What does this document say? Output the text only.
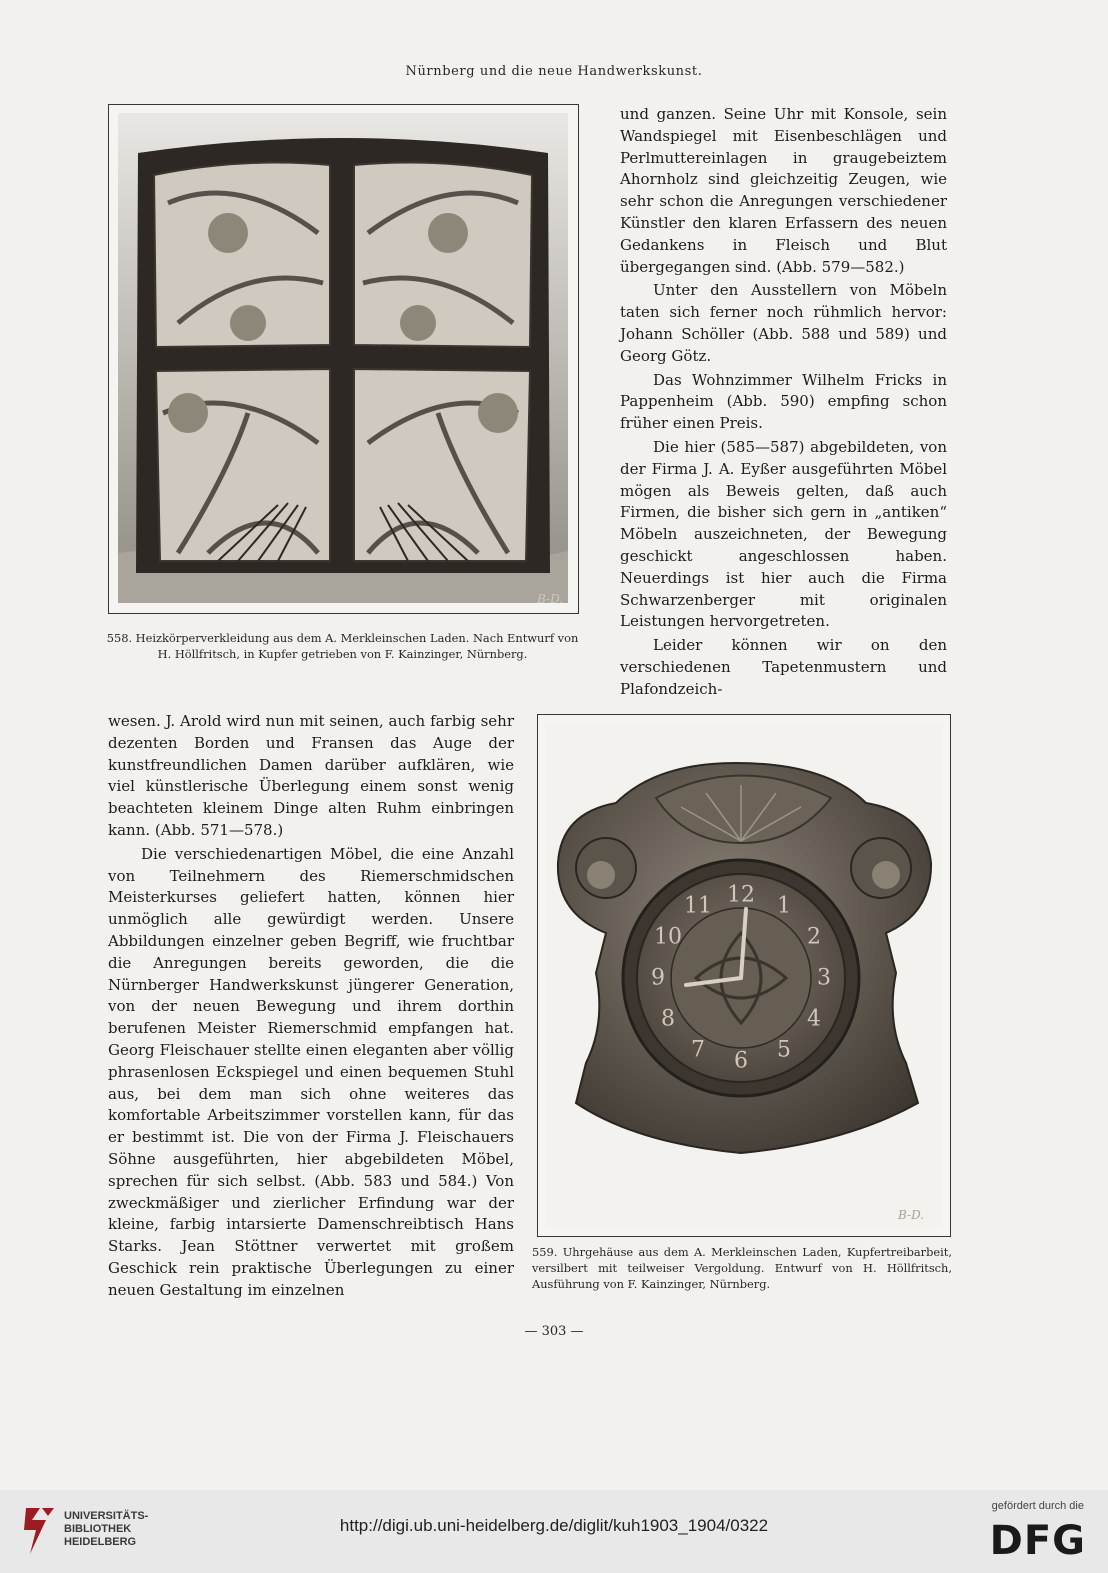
Nürnberg und die neue Handwerkskunst.
B-D.
558. Heizkörperverkleidung aus dem A. Merkleinschen Laden. Nach Entwurf von H. Höllfritsch, in Kupfer getrieben von F. Kainzinger, Nürnberg.

und ganzen. Seine Uhr mit Konsole, sein Wandspiegel mit Eisenbeschlägen und Perlmuttereinlagen in graugebeiztem Ahornholz sind gleichzeitig Zeugen, wie sehr schon die Anregungen verschiedener Künstler den klaren Erfassern des neuen Gedankens in Fleisch und Blut übergegangen sind. (Abb. 579—582.)

Unter den Ausstellern von Möbeln taten sich ferner noch rühmlich hervor: Johann Schöller (Abb. 588 und 589) und Georg Götz.

Das Wohnzimmer Wilhelm Fricks in Pappenheim (Abb. 590) empfing schon früher einen Preis.

Die hier (585—587) abgebildeten, von der Firma J. A. Eyßer ausgeführten Möbel mögen als Beweis gelten, daß auch Firmen, die bisher sich gern in „antiken“ Möbeln auszeichneten, der Bewegung geschickt angeschlossen haben. Neuerdings ist hier auch die Firma Schwarzenberger mit originalen Leistungen hervorgetreten.

Leider können wir on den verschiedenen Tapetenmustern und Plafondzeich-

wesen. J. Arold wird nun mit seinen, auch farbig sehr dezenten Borden und Fransen das Auge der kunstfreundlichen Damen darüber aufklären, wie viel künstlerische Überlegung einem sonst wenig beachteten kleinem Dinge alten Ruhm einbringen kann. (Abb. 571—578.)

Die verschiedenartigen Möbel, die eine Anzahl von Teilnehmern des Riemerschmidschen Meisterkurses geliefert hatten, können hier unmöglich alle gewürdigt werden. Unsere Abbildungen einzelner geben Begriff, wie fruchtbar die Anregungen bereits geworden, die die Nürnberger Handwerkskunst jüngerer Generation, von der neuen Bewegung und ihrem dorthin berufenen Meister Riemerschmid empfangen hat. Georg Fleischauer stellte einen eleganten aber völlig phrasenlosen Eckspiegel und einen bequemen Stuhl aus, bei dem man sich ohne weiteres das komfortable Arbeitszimmer vorstellen kann, für das er bestimmt ist. Die von der Firma J. Fleischauers Söhne ausgeführten, hier abgebildeten Möbel, sprechen für sich selbst. (Abb. 583 und 584.) Von zweckmäßiger und zierlicher Erfindung war der kleine, farbig intarsierte Damenschreibtisch Hans Starks. Jean Stöttner verwertet mit großem Geschick rein praktische Überlegungen zu einer neuen Gestaltung im einzelnen

12 1
2
3
4
5
6
7
8
9
10
11
B-D.
559. Uhrgehäuse aus dem A. Merkleinschen Laden, Kupfertreibarbeit, versilbert mit teilweiser Vergoldung. Entwurf von H. Höllfritsch, Ausführung von F. Kainzinger, Nürnberg.
— 303 —
UNIVERSITÄTS-
BIBLIOTHEK
HEIDELBERG
http://digi.ub.uni-heidelberg.de/diglit/kuh1903_1904/0322
gefördert durch die
DFG
